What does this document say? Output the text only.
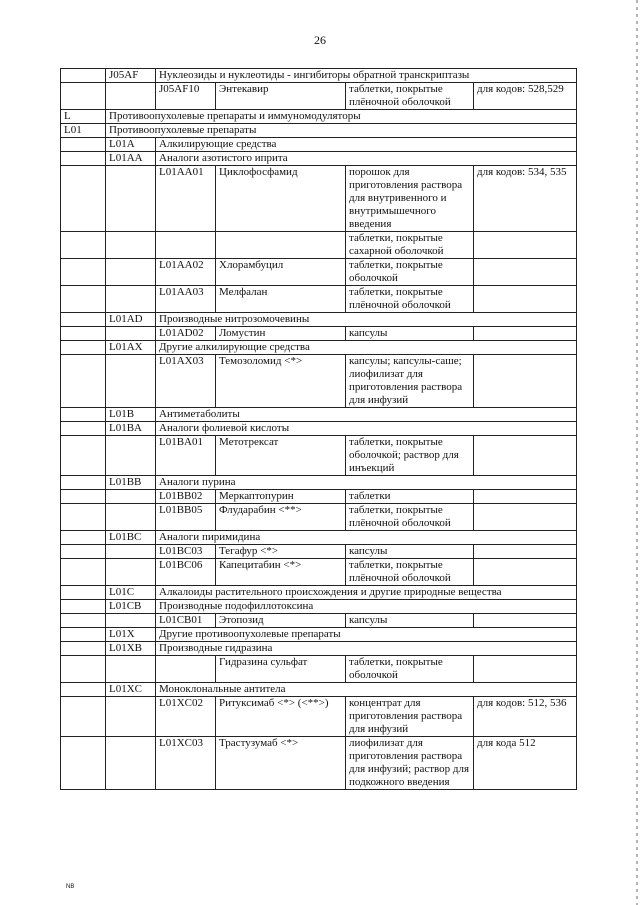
26
	J05AF	Нуклеозиды и нуклеотиды - ингибиторы обратной транскриптазы			
		J05AF10	Энтекавир	таблетки, покрытые плёночной оболочкой	для кодов: 528,529
L	Противоопухолевые препараты и иммуномодуляторы				
L01	Противоопухолевые препараты				
	L01A	Алкилирующие средства			
	L01AA	Аналоги азотистого иприта			
		L01AA01	Циклофосфамид	порошок для приготовления раствора для внутривенного и внутримышечного введения	для кодов: 534, 535
				таблетки, покрытые сахарной оболочкой	
		L01AA02	Хлорамбуцил	таблетки, покрытые оболочкой	
		L01AA03	Мелфалан	таблетки, покрытые плёночной оболочкой	
	L01AD	Производные нитрозомочевины			
		L01AD02	Ломустин	капсулы	
	L01AX	Другие алкилирующие средства			
		L01AX03	Темозоломид <*>	капсулы; капсулы-саше; лиофилизат для приготовления раствора для инфузий	
	L01B	Антиметаболиты			
	L01BA	Аналоги фолиевой кислоты			
		L01BA01	Метотрексат	таблетки, покрытые оболочкой; раствор для инъекций	
	L01BB	Аналоги пурина			
		L01BB02	Меркаптопурин	таблетки	
		L01BB05	Флударабин <**>	таблетки, покрытые плёночной оболочкой	
	L01BC	Аналоги пиримидина			
		L01BC03	Тегафур <*>	капсулы	
		L01BC06	Капецитабин <*>	таблетки, покрытые плёночной оболочкой	
	L01C	Алкалоиды растительного происхождения и другие природные вещества			
	L01CB	Производные подофиллотоксина			
		L01CB01	Этопозид	капсулы	
	L01X	Другие противоопухолевые препараты			
	L01XB	Производные гидразина			
			Гидразина сульфат	таблетки, покрытые оболочкой	
	L01XC	Моноклональные антитела			
		L01XC02	Ритуксимаб <*> (<**>)	концентрат для приготовления раствора для инфузий	для кодов: 512, 536
		L01XC03	Трастузумаб <*>	лиофилизат для приготовления раствора для инфузий; раствор для подкожного введения	для кода 512
NB
